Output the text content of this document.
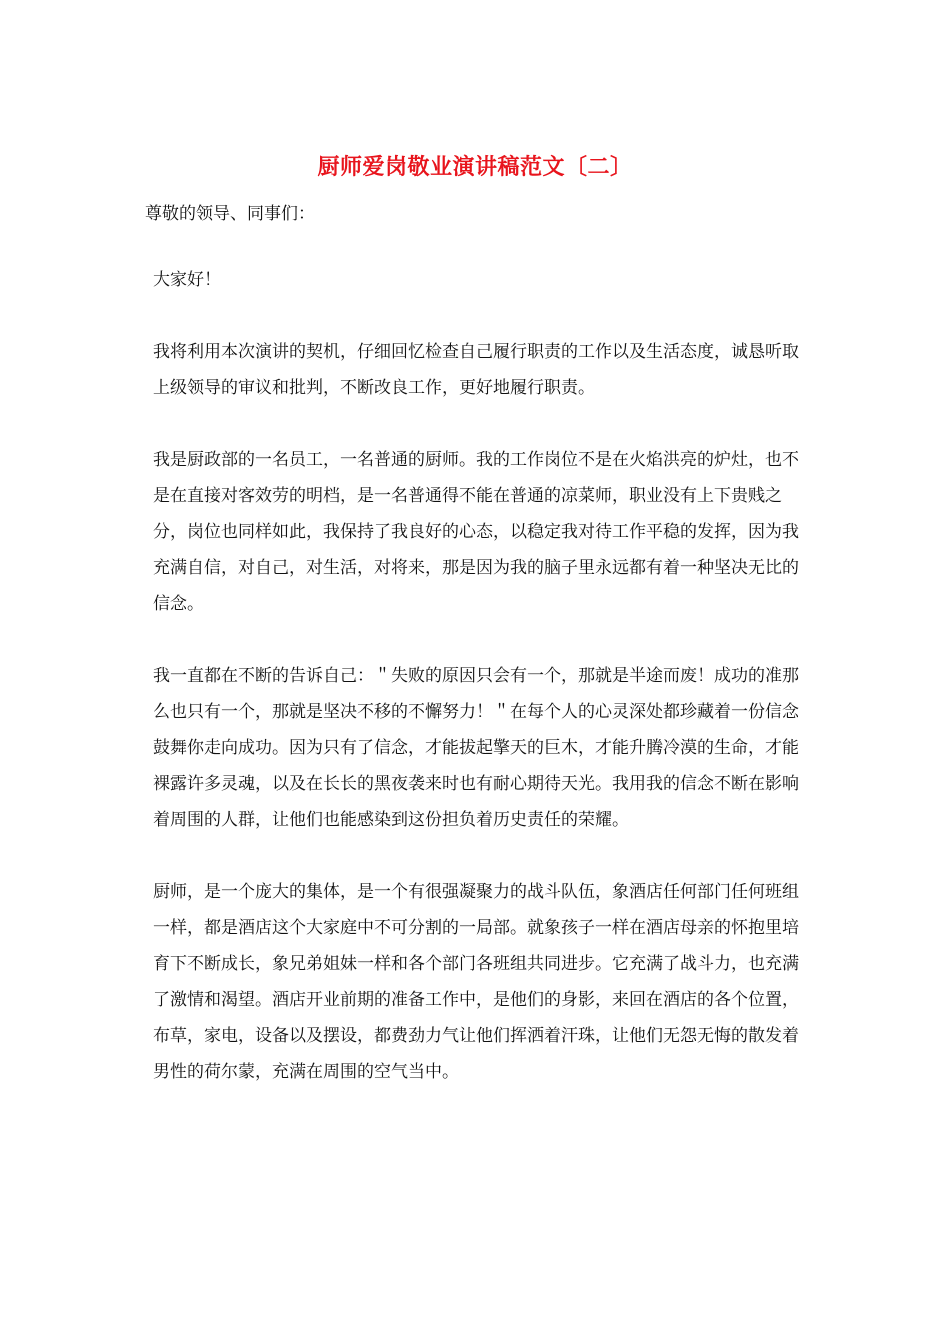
厨师爱岗敬业演讲稿范文〔二〕

尊敬的领导、同事们：

大家好！

我将利用本次演讲的契机，仔细回忆检查自己履行职责的工作以及生活态度，诚恳听取上级领导的审议和批判，不断改良工作，更好地履行职责。

我是厨政部的一名员工，一名普通的厨师。我的工作岗位不是在火焰洪亮的炉灶，也不是在直接对客效劳的明档，是一名普通得不能在普通的凉菜师，职业没有上下贵贱之分，岗位也同样如此，我保持了我良好的心态，以稳定我对待工作平稳的发挥，因为我充满自信，对自己，对生活，对将来，那是因为我的脑子里永远都有着一种坚决无比的信念。

我一直都在不断的告诉自己：＂失败的原因只会有一个，那就是半途而废！成功的准那么也只有一个，那就是坚决不移的不懈努力！＂在每个人的心灵深处都珍藏着一份信念鼓舞你走向成功。因为只有了信念，才能拔起擎天的巨木，才能升腾冷漠的生命，才能裸露许多灵魂，以及在长长的黑夜袭来时也有耐心期待天光。我用我的信念不断在影响着周围的人群，让他们也能感染到这份担负着历史责任的荣耀。

厨师，是一个庞大的集体，是一个有很强凝聚力的战斗队伍，象酒店任何部门任何班组一样，都是酒店这个大家庭中不可分割的一局部。就象孩子一样在酒店母亲的怀抱里培育下不断成长，象兄弟姐妹一样和各个部门各班组共同进步。它充满了战斗力，也充满了激情和渴望。酒店开业前期的准备工作中，是他们的身影，来回在酒店的各个位置，布草，家电，设备以及摆设，都费劲力气让他们挥洒着汗珠，让他们无怨无悔的散发着男性的荷尔蒙，充满在周围的空气当中。
